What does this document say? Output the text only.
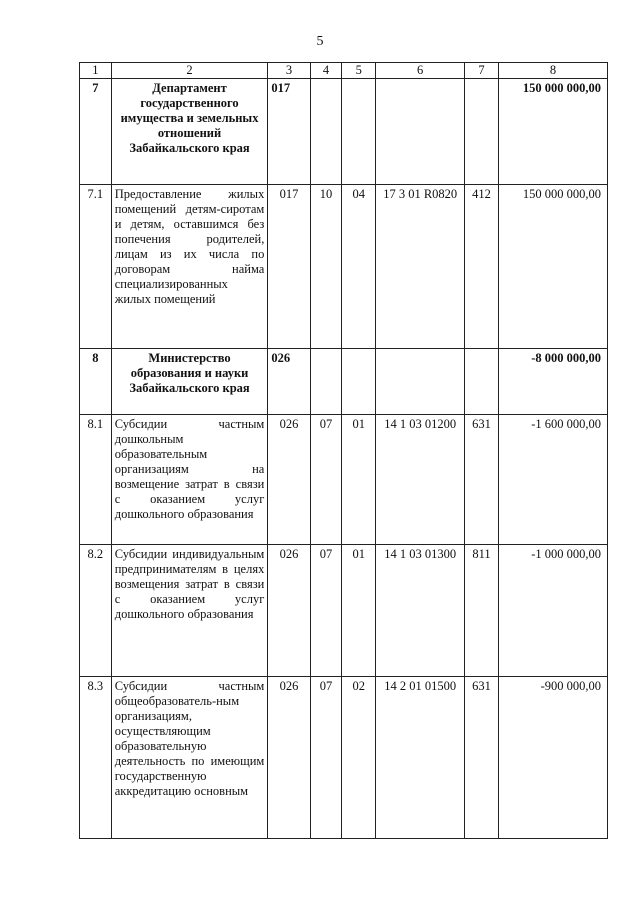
5
1	2	3	4	5	6	7	8
7	Департамент государственного имущества и земельных отношений Забайкальского края	017					150 000 000,00
7.1	Предоставление жилых помещений детям-сиротам и детям, оставшимся без попечения родителей, лицам из их числа по договорам найма специализированных жилых помещений	017	10	04	17 3 01 R0820	412	150 000 000,00
8	Министерство образования и науки Забайкальского края	026					-8 000 000,00
8.1	Субсидии частным дошкольным образовательным организациям на возмещение затрат в связи с оказанием услуг дошкольного образования	026	07	01	14 1 03 01200	631	-1 600 000,00
8.2	Субсидии индивидуальным предпринимателям в целях возмещения затрат в связи с оказанием услуг дошкольного образования	026	07	01	14 1 03 01300	811	-1 000 000,00
8.3	Субсидии частным общеобразователь-ным организациям, осуществляющим образовательную деятельность по имеющим государственную аккредитацию основным	026	07	02	14 2 01 01500	631	-900 000,00
